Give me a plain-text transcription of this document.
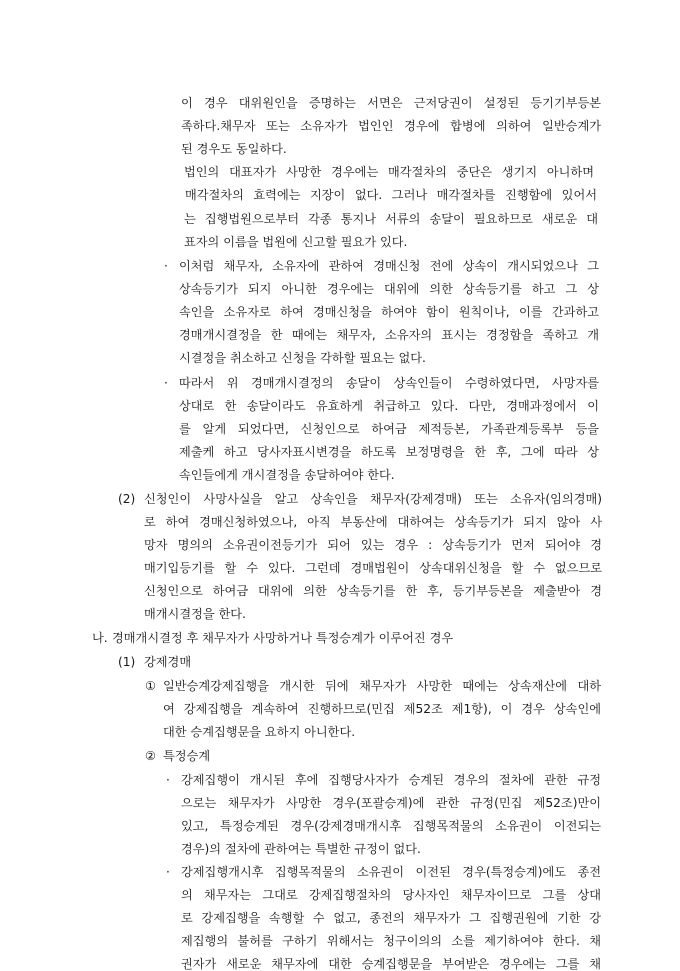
이 경우 대위원인을 증명하는 서면은 근저당권이 설정된 등기기부등본
족하다.채무자 또는 소유자가 법인인 경우에 합병에 의하여 일반승계가
된 경우도 동일하다.
법인의 대표자가 사망한 경우에는 매각절차의 중단은 생기지 아니하며
매각절차의 효력에는 지장이 없다. 그러나 매각절차를 진행함에 있어서
는 집행법원으로부터 각종 통지나 서류의 송달이 필요하므로 새로운 대
표자의 이름을 법원에 신고할 필요가 있다.
· 이처럼 채무자, 소유자에 관하여 경매신청 전에 상속이 개시되었으나 그
상속등기가 되지 아니한 경우에는 대위에 의한 상속등기를 하고 그 상
속인을 소유자로 하여 경매신청을 하여야 함이 원칙이나, 이를 간과하고
경매개시결정을 한 때에는 채무자, 소유자의 표시는 경정함을 족하고 개
시결정을 취소하고 신청을 각하할 필요는 없다.
· 따라서 위 경매개시결정의 송달이 상속인들이 수령하였다면, 사망자를
상대로 한 송달이라도 유효하게 취급하고 있다. 다만, 경매과정에서 이
를 알게 되었다면, 신청인으로 하여금 제적등본, 가족관계등록부 등을
제출케 하고 당사자표시변경을 하도록 보정명령을 한 후, 그에 따라 상
속인들에게 개시결정을 송달하여야 한다.
(2) 신청인이 사망사실을 알고 상속인을 채무자(강제경매) 또는 소유자(임의경매)
로 하여 경매신청하였으나, 아직 부동산에 대하여는 상속등기가 되지 않아 사
망자 명의의 소유권이전등기가 되어 있는 경우 : 상속등기가 먼저 되어야 경
매기입등기를 할 수 있다. 그런데 경매법원이 상속대위신청을 할 수 없으므로
신청인으로 하여금 대위에 의한 상속등기를 한 후, 등기부등본을 제출받아 경
매개시결정을 한다.
나. 경매개시결정 후 채무자가 사망하거나 특정승계가 이루어진 경우
(1) 강제경매
① 일반승계강제집행을 개시한 뒤에 채무자가 사망한 때에는 상속재산에 대하
여 강제집행을 계속하여 진행하므로(민집 제52조 제1항), 이 경우 상속인에
대한 승계집행문을 요하지 아니한다.
② 특정승계
· 강제집행이 개시된 후에 집행당사자가 승계된 경우의 절차에 관한 규정
으로는 채무자가 사망한 경우(포괄승계)에 관한 규정(민집 제52조)만이
있고, 특정승계된 경우(강제경매개시후 집행목적물의 소유권이 이전되는
경우)의 절차에 관하여는 특별한 규정이 없다.
· 강제집행개시후 집행목적물의 소유권이 이전된 경우(특정승계)에도 종전
의 채무자는 그대로 강제집행절차의 당사자인 채무자이므로 그를 상대
로 강제집행을 속행할 수 없고, 종전의 채무자가 그 집행권원에 기한 강
제집행의 불허를 구하기 위해서는 청구이의의 소를 제기하여야 한다. 채
권자가 새로운 채무자에 대한 승계집행문을 부여받은 경우에는 그를 채
